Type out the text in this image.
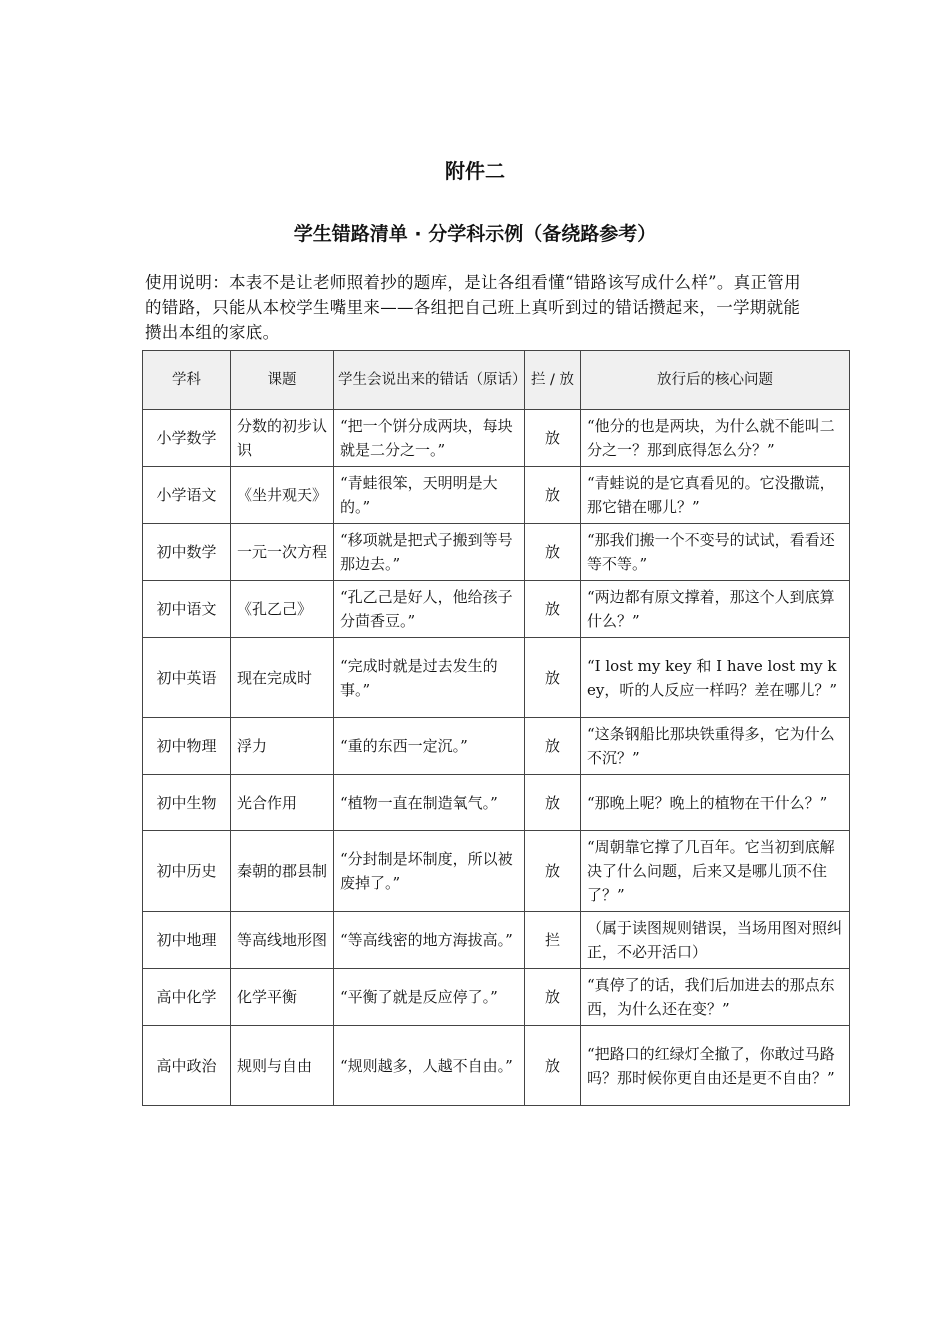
附件二
学生错路清单 · 分学科示例（备绕路参考）
使用说明：本表不是让老师照着抄的题库，是让各组看懂“错路该写成什么样”。真正管用的错路，只能从本校学生嘴里来——各组把自己班上真听到过的错话攒起来，一学期就能攒出本组的家底。
学科	课题	学生会说出来的错话（原话）	拦 / 放	放行后的核心问题
小学数学	分数的初步认识	“把一个饼分成两块，每块就是二分之一。”	放	“他分的也是两块，为什么就不能叫二分之一？那到底得怎么分？”
小学语文	《坐井观天》	“青蛙很笨，天明明是大的。”	放	“青蛙说的是它真看见的。它没撒谎，那它错在哪儿？”
初中数学	一元一次方程	“移项就是把式子搬到等号那边去。”	放	“那我们搬一个不变号的试试，看看还等不等。”
初中语文	《孔乙己》	“孔乙己是好人，他给孩子分茴香豆。”	放	“两边都有原文撑着，那这个人到底算什么？”
初中英语	现在完成时	“完成时就是过去发生的事。”	放	“I lost my key 和 I have lost my key，听的人反应一样吗？差在哪儿？”
初中物理	浮力	“重的东西一定沉。”	放	“这条钢船比那块铁重得多，它为什么不沉？”
初中生物	光合作用	“植物一直在制造氧气。”	放	“那晚上呢？晚上的植物在干什么？”
初中历史	秦朝的郡县制	“分封制是坏制度，所以被废掉了。”	放	“周朝靠它撑了几百年。它当初到底解决了什么问题，后来又是哪儿顶不住了？”
初中地理	等高线地形图	“等高线密的地方海拔高。”	拦	（属于读图规则错误，当场用图对照纠正，不必开活口）
高中化学	化学平衡	“平衡了就是反应停了。”	放	“真停了的话，我们后加进去的那点东西，为什么还在变？”
高中政治	规则与自由	“规则越多，人越不自由。”	放	“把路口的红绿灯全撤了，你敢过马路吗？那时候你更自由还是更不自由？”
